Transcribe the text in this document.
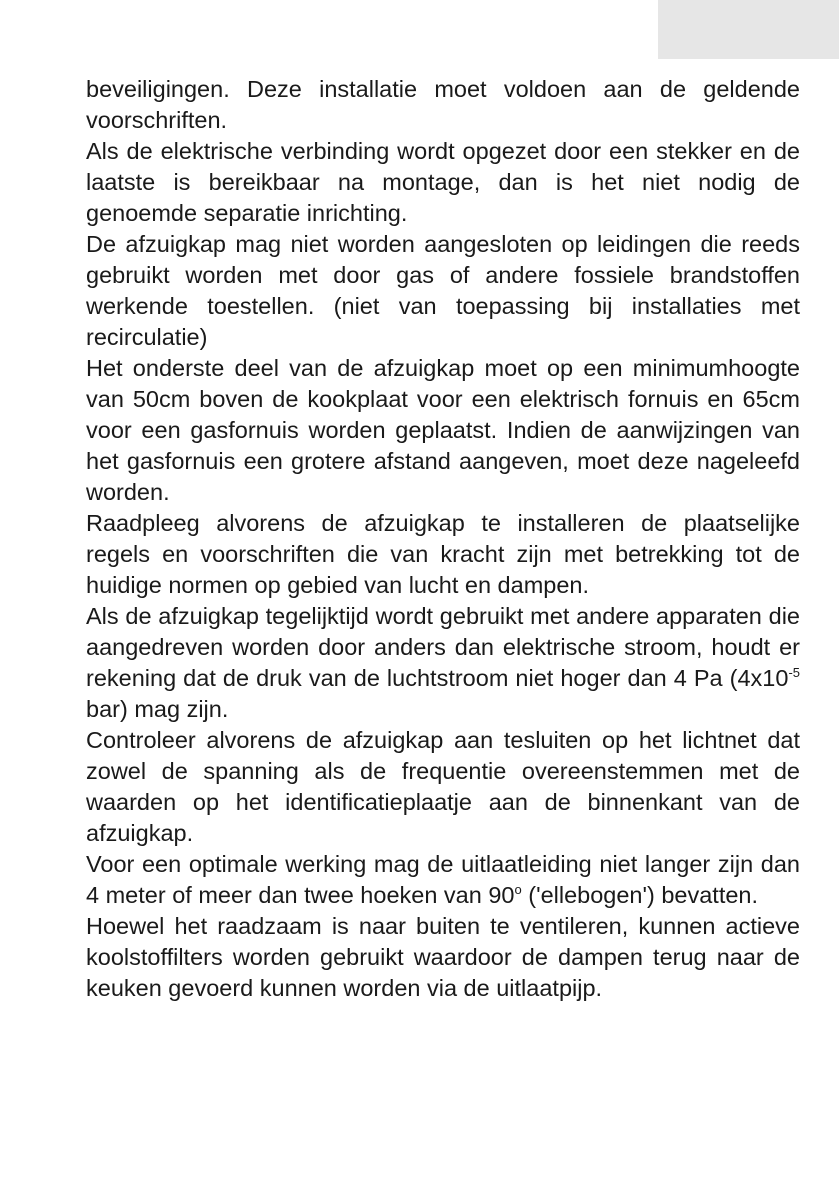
beveiligingen. Deze installatie moet voldoen aan de geldende voorschriften.

Als de elektrische verbinding wordt opgezet door een stekker en de laatste is bereikbaar na montage, dan is het niet nodig de genoemde separatie inrichting.

De afzuigkap mag niet worden aangesloten op leidingen die reeds gebruikt worden met door gas of andere fossiele brandstoffen werkende toestellen. (niet van toepassing bij installaties met recirculatie)

Het onderste deel van de afzuigkap moet op een minimumhoogte van 50cm boven de kookplaat voor een elektrisch fornuis en 65cm voor een gasfornuis worden geplaatst. Indien de aanwijzingen van het gasfornuis een grotere afstand aangeven, moet deze nageleefd worden.

Raadpleeg alvorens de afzuigkap te installeren de plaatselijke regels en voorschriften die van kracht zijn met betrekking tot de huidige normen op gebied van lucht en dampen.

Als de afzuigkap tegelijktijd wordt gebruikt met andere apparaten die aangedreven worden door anders dan elektrische stroom, houdt er rekening dat de druk van de luchtstroom niet hoger dan 4 Pa ($4x10^{-5}$ bar) mag zijn.

Controleer alvorens de afzuigkap aan tesluiten op het lichtnet dat zowel de spanning als de frequentie overeenstemmen met de waarden op het identificatieplaatje aan de binnenkant van de afzuigkap.

Voor een optimale werking mag de uitlaatleiding niet langer zijn dan 4 meter of meer dan twee hoeken van 90$^o$ ('ellebogen') bevatten.

Hoewel het raadzaam is naar buiten te ventileren, kunnen actieve koolstoffilters worden gebruikt waardoor de dampen terug naar de keuken gevoerd kunnen worden via de uitlaatpijp.
